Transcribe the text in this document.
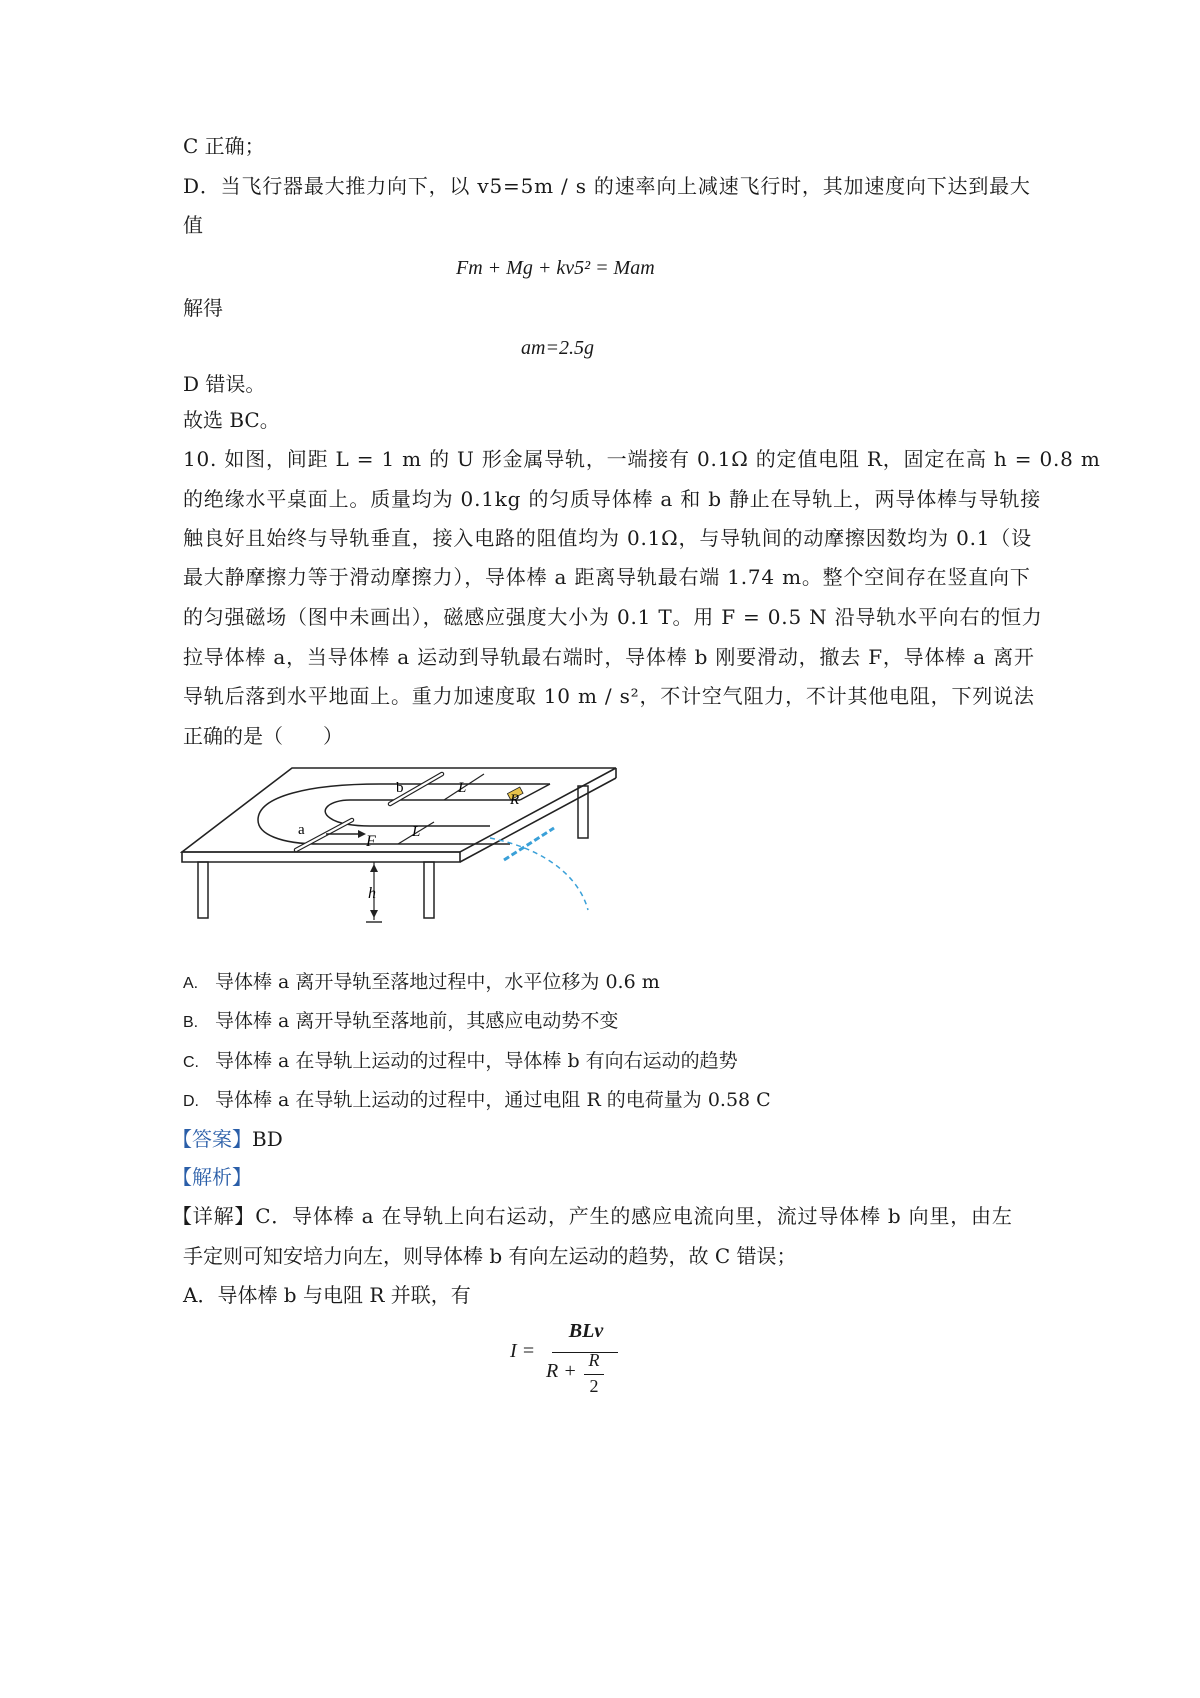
C 正确；
D．当飞行器最大推力向下，以 v5=5m / s 的速率向上减速飞行时，其加速度向下达到最大
值
Fm + Mg + kv5² = Mam
解得
am=2.5g
D 错误。
故选 BC。
10. 如图，间距 L = 1 m 的 U 形金属导轨，一端接有 0.1Ω 的定值电阻 R，固定在高 h = 0.8 m
的绝缘水平桌面上。质量均为 0.1kg 的匀质导体棒 a 和 b 静止在导轨上，两导体棒与导轨接
触良好且始终与导轨垂直，接入电路的阻值均为 0.1Ω，与导轨间的动摩擦因数均为 0.1（设
最大静摩擦力等于滑动摩擦力），导体棒 a 距离导轨最右端 1.74 m。整个空间存在竖直向下
的匀强磁场（图中未画出），磁感应强度大小为 0.1 T。用 F = 0.5 N 沿导轨水平向右的恒力
拉导体棒 a，当导体棒 a 运动到导轨最右端时，导体棒 b 刚要滑动，撤去 F，导体棒 a 离开
导轨后落到水平地面上。重力加速度取 10 m / s²，不计空气阻力，不计其他电阻，下列说法
正确的是（　　）
R
b
a
F
L
L
h
A. 导体棒 a 离开导轨至落地过程中，水平位移为 0.6 m
B. 导体棒 a 离开导轨至落地前，其感应电动势不变
C. 导体棒 a 在导轨上运动的过程中，导体棒 b 有向右运动的趋势
D. 导体棒 a 在导轨上运动的过程中，通过电阻 R 的电荷量为 0.58 C
【答案】BD
【解析】
【详解】C．导体棒 a 在导轨上向右运动，产生的感应电流向里，流过导体棒 b 向里，由左
手定则可知安培力向左，则导体棒 b 有向左运动的趋势，故 C 错误；
A．导体棒 b 与电阻 R 并联，有
I =
BLv
R + R
2
